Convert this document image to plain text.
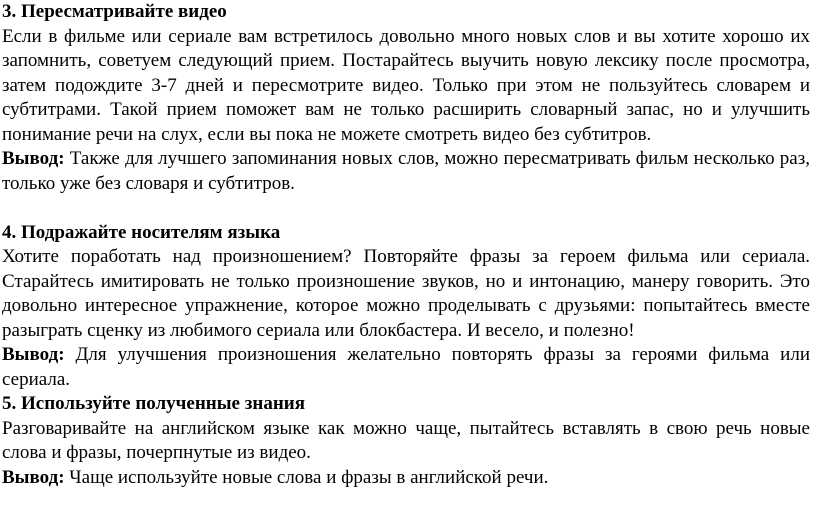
3. Пересматривайте видео

Если в фильме или сериале вам встретилось довольно много новых слов и вы хотите хорошо их запомнить, советуем следующий прием. Постарайтесь выучить новую лексику после просмотра, затем подождите 3-7 дней и пересмотрите видео. Только при этом не пользуйтесь словарем и субтитрами. Такой прием поможет вам не только расширить словарный запас, но и улучшить понимание речи на слух, если вы пока не можете смотреть видео без субтитров.

Вывод: Также для лучшего запоминания новых слов, можно пересматривать фильм несколько раз, только уже без словаря и субтитров.

4. Подражайте носителям языка

Хотите поработать над произношением? Повторяйте фразы за героем фильма или сериала. Старайтесь имитировать не только произношение звуков, но и интонацию, манеру говорить. Это довольно интересное упражнение, которое можно проделывать с друзьями: попытайтесь вместе разыграть сценку из любимого сериала или блокбастера. И весело, и полезно!

Вывод: Для улучшения произношения желательно повторять фразы за героями фильма или сериала.

5. Используйте полученные знания

Разговаривайте на английском языке как можно чаще, пытайтесь вставлять в свою речь новые слова и фразы, почерпнутые из видео.

Вывод: Чаще используйте новые слова и фразы в английской речи.
